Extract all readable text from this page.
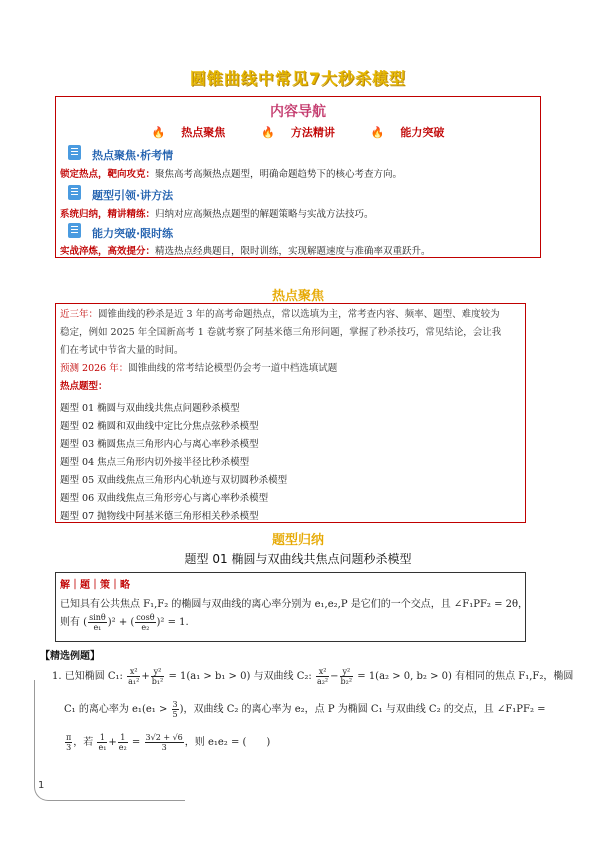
圆锥曲线中常见7大秒杀模型
内容导航
🔥 热点聚焦	🔥 方法精讲	🔥 能力突破
热点聚焦·析考情
锁定热点，靶向攻克：聚焦高考高频热点题型，明确命题趋势下的核心考查方向。
题型引领·讲方法
系统归纳，精讲精练：归纳对应高频热点题型的解题策略与实战方法技巧。
能力突破·限时练
实战淬炼，高效提分：精选热点经典题目，限时训练，实现解题速度与准确率双重跃升。
热点聚焦
近三年：圆锥曲线的秒杀是近 3 年的高考命题热点，常以选填为主，常考查内容、频率、题型、难度较为
稳定，例如 2025 年全国新高考 1 卷就考察了阿基米德三角形问题，掌握了秒杀技巧，常见结论，会让我
们在考试中节省大量的时间。
预测 2026 年：圆锥曲线的常考结论模型仍会考一道中档选填试题
热点题型：
题型 01 椭圆与双曲线共焦点问题秒杀模型
题型 02 椭圆和双曲线中定比分焦点弦秒杀模型
题型 03 椭圆焦点三角形内心与离心率秒杀模型
题型 04 焦点三角形内切外接半径比秒杀模型
题型 05 双曲线焦点三角形内心轨迹与双切圆秒杀模型
题型 06 双曲线焦点三角形旁心与离心率秒杀模型
题型 07 抛物线中阿基米德三角形相关秒杀模型
题型归纳
题型 01 椭圆与双曲线共焦点问题秒杀模型
解｜题｜策｜略
已知具有公共焦点 F₁,F₂ 的椭圆与双曲线的离心率分别为 e₁,e₂,P 是它们的一个交点，且 ∠F₁PF₂ = 2θ，
则有 ( $\frac{\sin\theta}{\text{e₁}} )^2$ + ( $\frac{\cos\theta}{\text{e₂}} )^2 = 1$.
【精选例题】
1. 已知椭圆 C₁: $\frac{\text{x²}}{\text{a₁²}} + \frac{\text{y²}}{\text{b₁²}} = 1(a_1 > b_1 > 0)$ 与双曲线 C₂: $\frac{\text{x²}}{\text{a₂²}} - \frac{\text{y²}}{\text{b₂²}} = 1(a_2 > 0$, b₂ > 0) 有相同的焦点 F₁,F₂，椭圆
C₁ 的离心率为 $e_1(e_1 > \frac{3}{5}$ )，双曲线 C₂ 的离心率为 e₂，点 P 为椭圆 C₁ 与双曲线 C₂ 的交点，且 ∠F₁PF₂ =
$\frac{\pi}{3}$ ，若 $\frac{1}{\text{e₁}} + \frac{1}{\text{e₂}} = \frac{3√2 + √6}{3}$ ，则 e₁e₂ = (　　)
1
